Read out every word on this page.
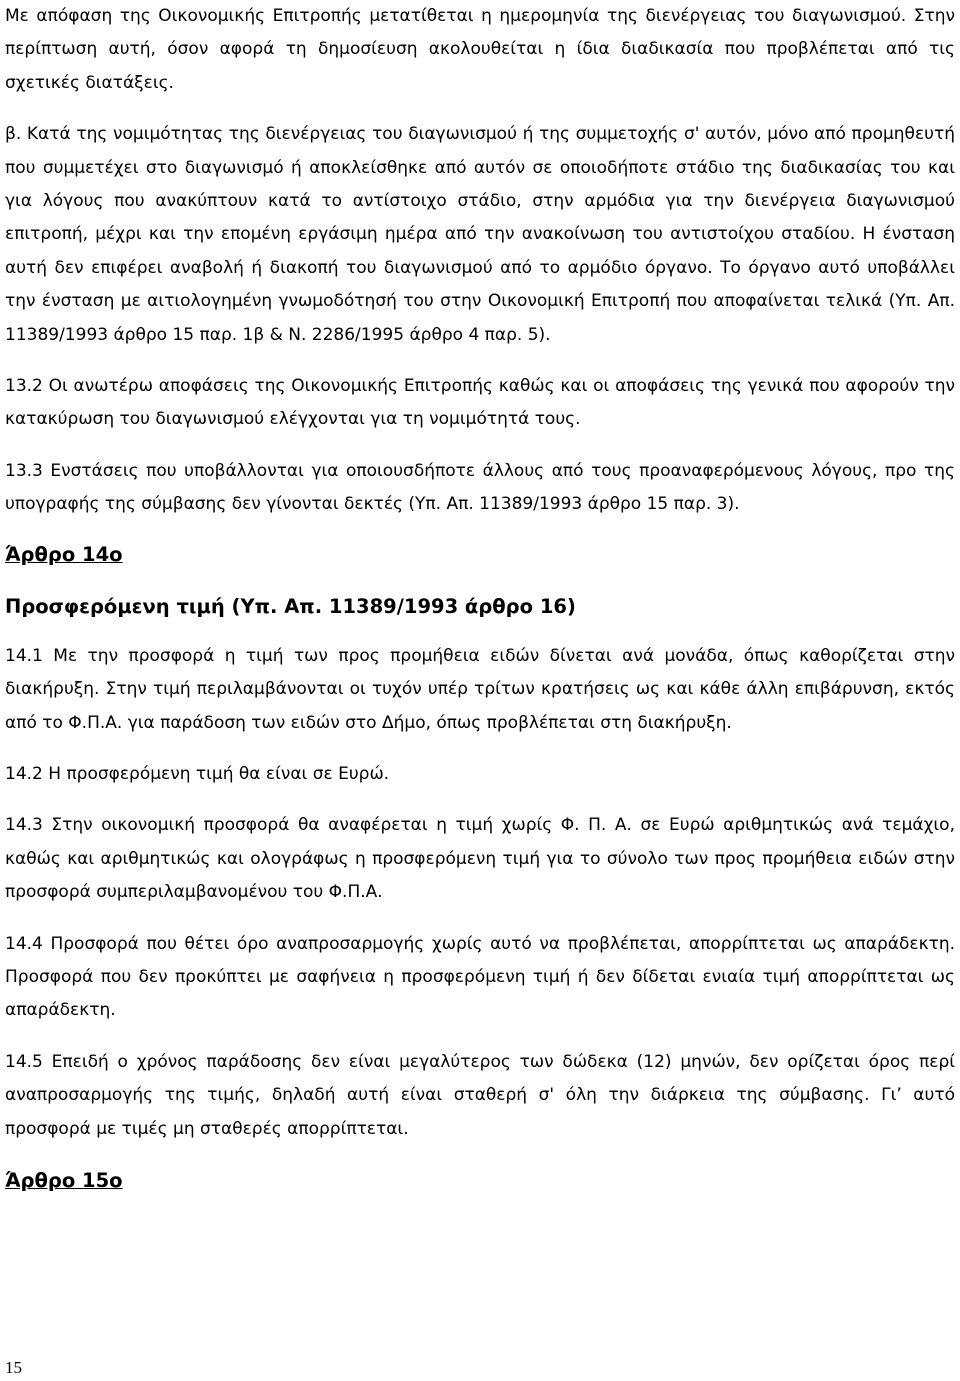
Με απόφαση της Οικονομικής Επιτροπής μετατίθεται η ημερομηνία της διενέργειας του διαγωνισμού. Στην περίπτωση αυτή, όσον αφορά τη δημοσίευση ακολουθείται η ίδια διαδικασία που προβλέπεται από τις σχετικές διατάξεις.

β. Κατά της νομιμότητας της διενέργειας του διαγωνισμού ή της συμμετοχής σ' αυτόν, μόνο από προμηθευτή που συμμετέχει στο διαγωνισμό ή αποκλείσθηκε από αυτόν σε οποιοδήποτε στάδιο της διαδικασίας του και για λόγους που ανακύπτουν κατά το αντίστοιχο στάδιο, στην αρμόδια για την διενέργεια διαγωνισμού επιτροπή, μέχρι και την επομένη εργάσιμη ημέρα από την ανακοίνωση του αντιστοίχου σταδίου. Η ένσταση αυτή δεν επιφέρει αναβολή ή διακοπή του διαγωνισμού από το αρμόδιο όργανο. Το όργανο αυτό υποβάλλει την ένσταση με αιτιολογημένη γνωμοδότησή του στην Οικονομική Επιτροπή που αποφαίνεται τελικά (Υπ. Απ. 11389/1993 άρθρο 15 παρ. 1β & Ν. 2286/1995 άρθρο 4 παρ. 5).

13.2 Οι ανωτέρω αποφάσεις της Οικονομικής Επιτροπής καθώς και οι αποφάσεις της γενικά που αφορούν την κατακύρωση του διαγωνισμού ελέγχονται για τη νομιμότητά τους.

13.3 Ενστάσεις που υποβάλλονται για οποιουσδήποτε άλλους από τους προαναφερόμενους λόγους, προ της υπογραφής της σύμβασης δεν γίνονται δεκτές (Υπ. Απ. 11389/1993 άρθρο 15 παρ. 3).

Άρθρο 14ο
Προσφερόμενη τιμή (Υπ. Απ. 11389/1993 άρθρο 16)

14.1 Με την προσφορά η τιμή των προς προμήθεια ειδών δίνεται ανά μονάδα, όπως καθορίζεται στην διακήρυξη. Στην τιμή περιλαμβάνονται οι τυχόν υπέρ τρίτων κρατήσεις ως και κάθε άλλη επιβάρυνση, εκτός από το Φ.Π.Α. για παράδοση των ειδών στο Δήμο, όπως προβλέπεται στη διακήρυξη.

14.2 Η προσφερόμενη τιμή θα είναι σε Ευρώ.

14.3 Στην οικονομική προσφορά θα αναφέρεται η τιμή χωρίς Φ. Π. Α. σε Ευρώ αριθμητικώς ανά τεμάχιο, καθώς και αριθμητικώς και ολογράφως η προσφερόμενη τιμή για το σύνολο των προς προμήθεια ειδών στην προσφορά συμπεριλαμβανομένου του Φ.Π.Α.

14.4 Προσφορά που θέτει όρο αναπροσαρμογής χωρίς αυτό να προβλέπεται, απορρίπτεται ως απαράδεκτη. Προσφορά που δεν προκύπτει με σαφήνεια η προσφερόμενη τιμή ή δεν δίδεται ενιαία τιμή απορρίπτεται ως απαράδεκτη.

14.5 Επειδή ο χρόνος παράδοσης δεν είναι μεγαλύτερος των δώδεκα (12) μηνών, δεν ορίζεται όρος περί αναπροσαρμογής της τιμής, δηλαδή αυτή είναι σταθερή σ' όλη την διάρκεια της σύμβασης. Γι’ αυτό προσφορά με τιμές μη σταθερές απορρίπτεται.

Άρθρο 15ο
15
